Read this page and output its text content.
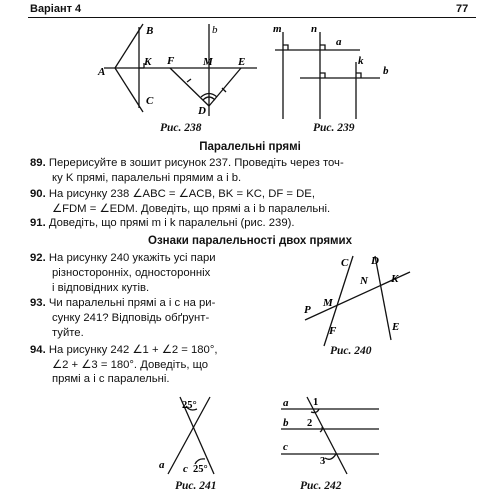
Варіант 4	77
A
B
K
C
F	M E
D
b
Рис. 238
m	n
a
k
b
Рис. 239
Паралельні прямі
89. Перерисуйте в зошит рисунок 237. Проведіть через точ-
ку K прямі, паралельні прямим a і b.
90. На рисунку 238 ∠ABC = ∠ACB, BK = KC, DF = DE,
∠FDM = ∠EDM. Доведіть, що прямі a і b паралельні.
91. Доведіть, що прямі m і k паралельні (рис. 239).
Ознаки паралельності двох прямих
92. На рисунку 240 укажіть усі пари
різносторонніх, односторонніх
і відповідних кутів.
93. Чи паралельні прямі a і c на ри-
сунку 241? Відповідь обґрунт-
туйте.
94. На рисунку 242 ∠1 + ∠2 = 180°,
∠2 + ∠3 = 180°. Доведіть, що
прямі a і c паралельні.
C D
N K
M
P
F	E
Рис. 240
25°
25°
a c
Рис. 241
a
b
c
1
2
3
Рис. 242
